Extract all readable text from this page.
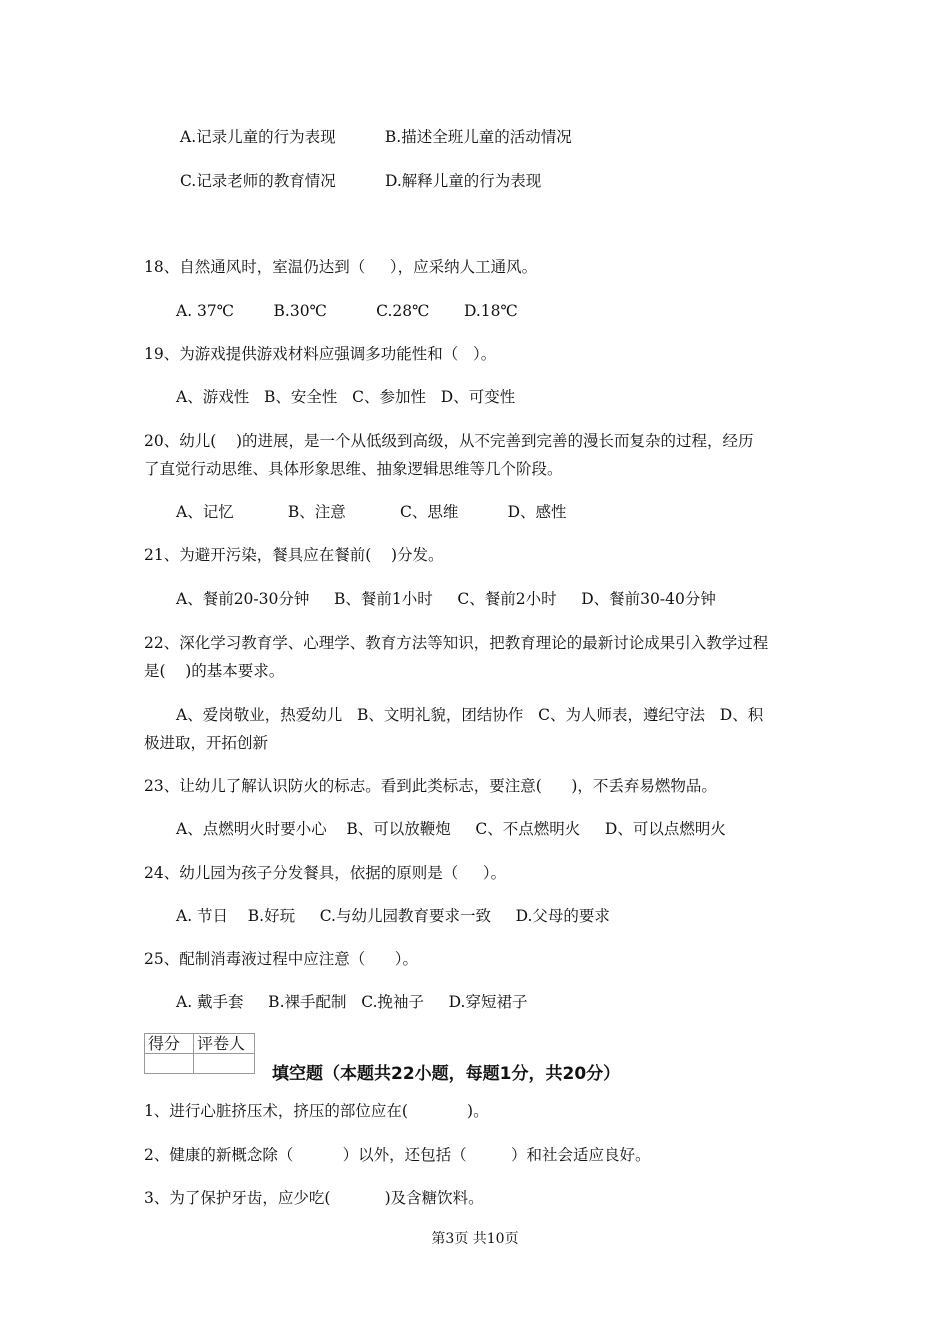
A.记录儿童的行为表现          B.描述全班儿童的活动情况
C.记录老师的教育情况          D.解释儿童的行为表现
18、自然通风时，室温仍达到（     ），应采纳人工通风。
A. 37℃        B.30℃          C.28℃       D.18℃
19、为游戏提供游戏材料应强调多功能性和（   ）。
A、游戏性   B、安全性   C、参加性   D、可变性
20、幼儿(    )的进展，是一个从低级到高级，从不完善到完善的漫长而复杂的过程，经历
了直觉行动思维、具体形象思维、抽象逻辑思维等几个阶段。
A、记忆           B、注意           C、思维          D、感性
21、为避开污染，餐具应在餐前(    )分发。
A、餐前20-30分钟     B、餐前1小时     C、餐前2小时     D、餐前30-40分钟
22、深化学习教育学、心理学、教育方法等知识，把教育理论的最新讨论成果引入教学过程
是(    )的基本要求。
A、爱岗敬业，热爱幼儿   B、文明礼貌，团结协作   C、为人师表，遵纪守法   D、积
极进取，开拓创新
23、让幼儿了解认识防火的标志。看到此类标志，要注意(      )，不丢弃易燃物品。
A、点燃明火时要小心    B、可以放鞭炮     C、不点燃明火     D、可以点燃明火
24、幼儿园为孩子分发餐具，依据的原则是（     ）。
A. 节日    B.好玩     C.与幼儿园教育要求一致     D.父母的要求
25、配制消毒液过程中应注意（      ）。
A. 戴手套     B.裸手配制   C.挽袖子     D.穿短裙子
得分	评卷人

填空题（本题共22小题，每题1分，共20分）
1、进行心脏挤压术，挤压的部位应在(            )。
2、健康的新概念除（          ）以外，还包括（         ）和社会适应良好。
3、为了保护牙齿，应少吃(           )及含糖饮料。
第3页 共10页
